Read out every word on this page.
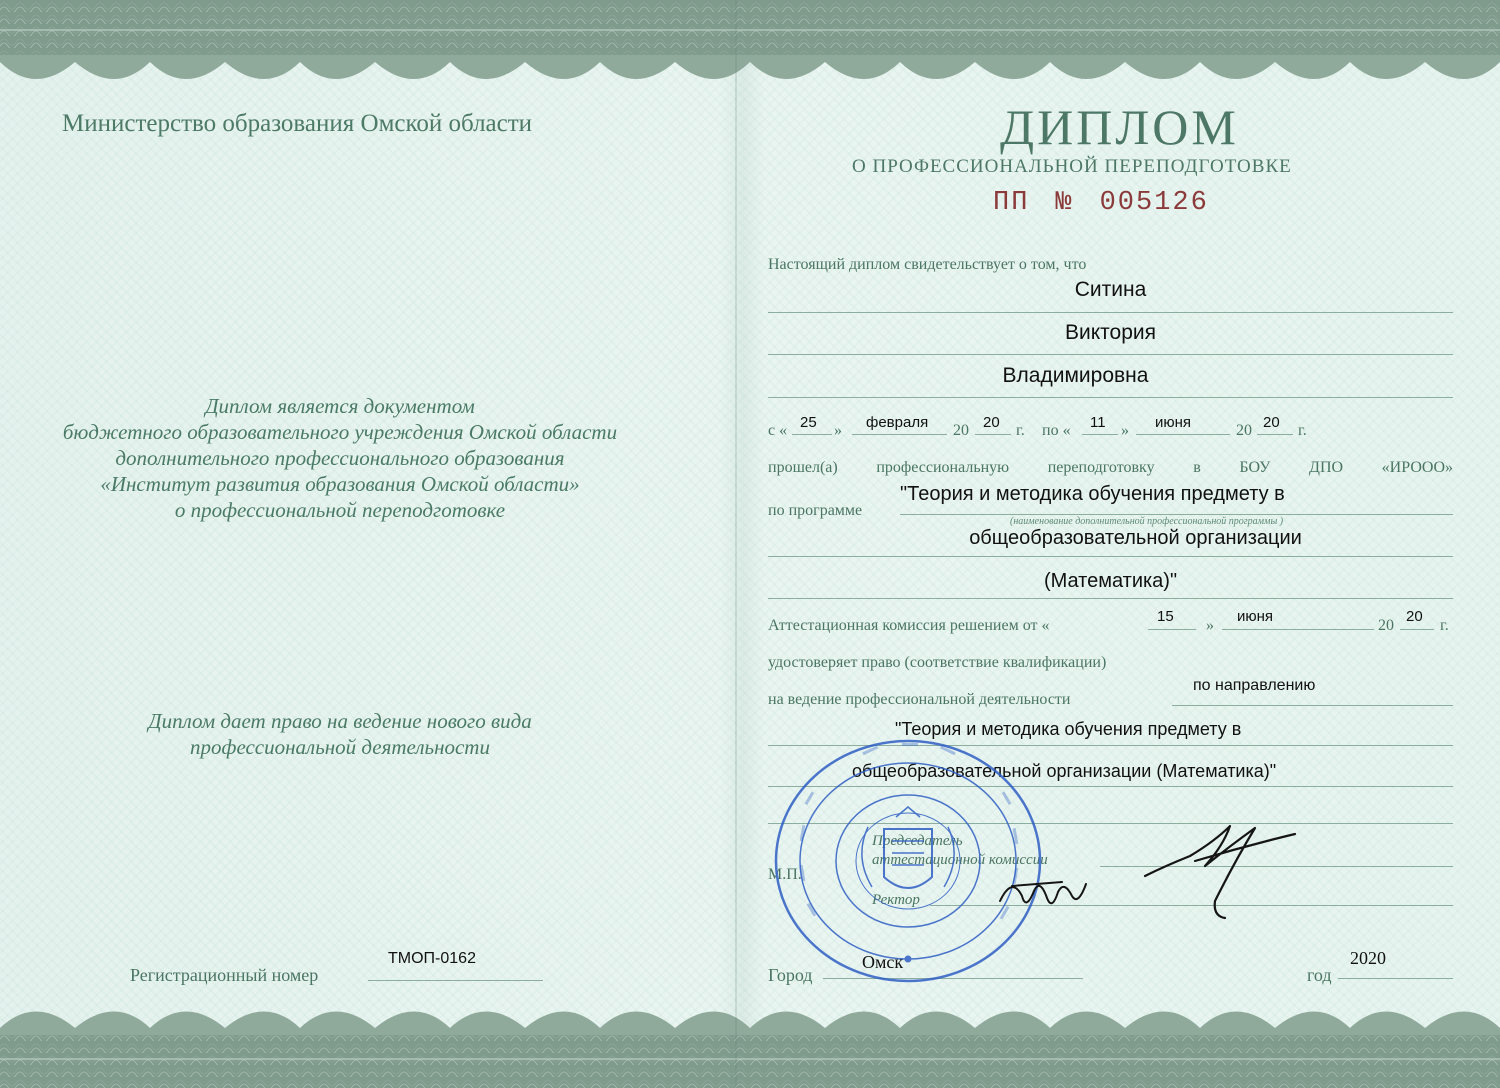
Министерство образования Омской области
Диплом является документом
бюджетного образовательного учреждения Омской области
дополнительного профессионального образования
«Институт развития образования Омской области»
о профессиональной переподготовке
Диплом дает право на ведение нового вида
профессиональной деятельности
Регистрационный номер
ТМОП-0162
ДИПЛОМ
О ПРОФЕССИОНАЛЬНОЙ ПЕРЕПОДГОТОВКЕ
ПП № 005126
Настоящий диплом свидетельствует о том, что
Ситина
Виктория
Владимировна
с « 25 » февраля 20 20 г. по « 11 » июня	20 20 г.
прошел(а) профессиональную переподготовку в БОУ ДПО «ИРООО»
по программе
"Теория и методика обучения предмету в
(наименование дополнительной профессиональной программы )
общеобразовательной организации
(Математика)"
Аттестационная комиссия решением от «
15
»
июня
20
20
г.
удостоверяет право (соответствие квалификации)
на ведение профессиональной деятельности
по направлению
"Теория и методика обучения предмету в
общеобразовательной организации (Математика)"
Председатель
аттестационной комиссии
М.П.
Ректор
Город
Омск
год
2020
